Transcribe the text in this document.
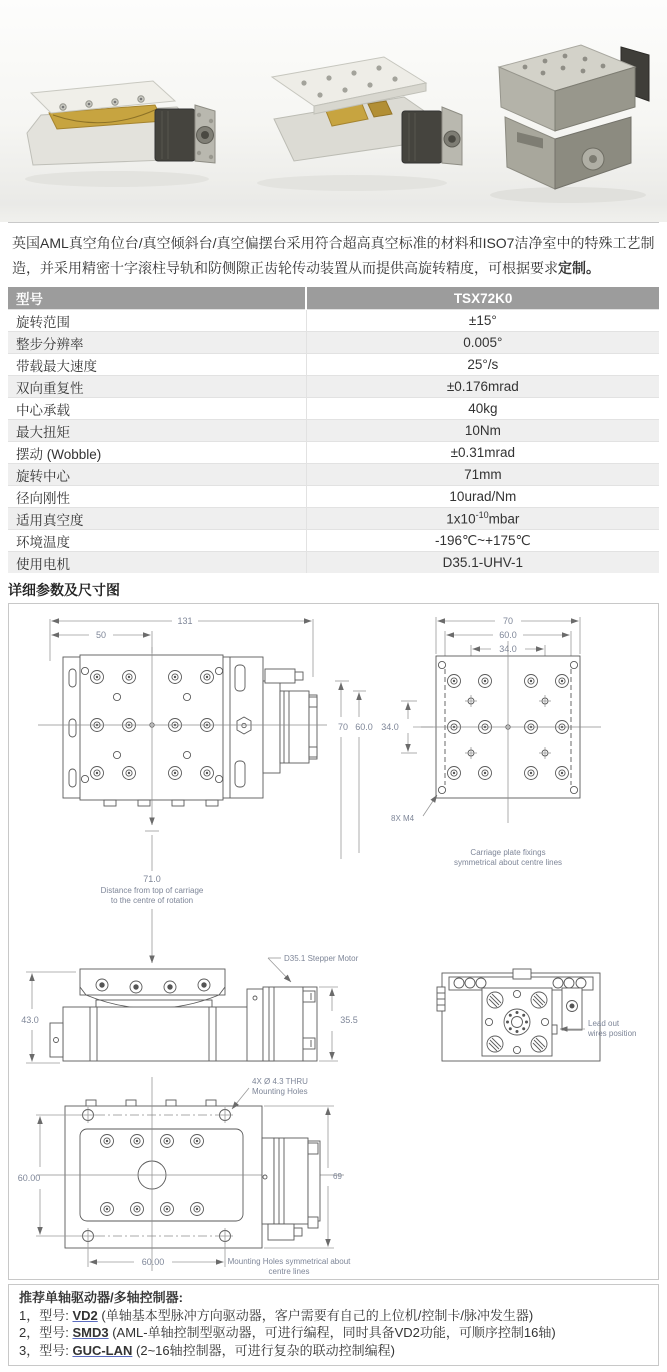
英国AML真空角位台/真空倾斜台/真空偏摆台采用符合超高真空标准的材料和ISO7洁净室中的特殊工艺制造，并采用精密十字滚柱导轨和防侧隙正齿轮传动装置从而提供高旋转精度，可根据要求定制。
型号	TSX72K0
旋转范围	±15°
整步分辨率	0.005°
带载最大速度	25°/s
双向重复性	±0.176mrad
中心承载	40kg
最大扭矩	10Nm
摆动 (Wobble)	±0.31mrad
旋转中心	71mm
径向刚性	10urad/Nm
适用真空度	$1x10^{-10}mbar$
环境温度	-196℃~+175℃
使用电机	D35.1-UHV-1
详细参数及尺寸图
131
50
71.0
Distance from top of carriage
to the centre of rotation
43.0	35.5
D35.1 Stepper Motor
70
60.0
34.0
70 60.0 34.0
8X M4
Carriage plate fixings
symmetrical about centre lines
Lead out
wires position
60.00	69
60.00
4X Ø 4.3 THRU
Mounting Holes
Mounting Holes symmetrical about
centre lines
推荐单轴驱动器/多轴控制器:
1，型号: VD2 (单轴基本型脉冲方向驱动器，客户需要有自己的上位机/控制卡/脉冲发生器)
2，型号: SMD3 (AML-单轴控制型驱动器，可进行编程，同时具备VD2功能，可顺序控制16轴)
3，型号: GUC-LAN (2~16轴控制器，可进行复杂的联动控制编程)
